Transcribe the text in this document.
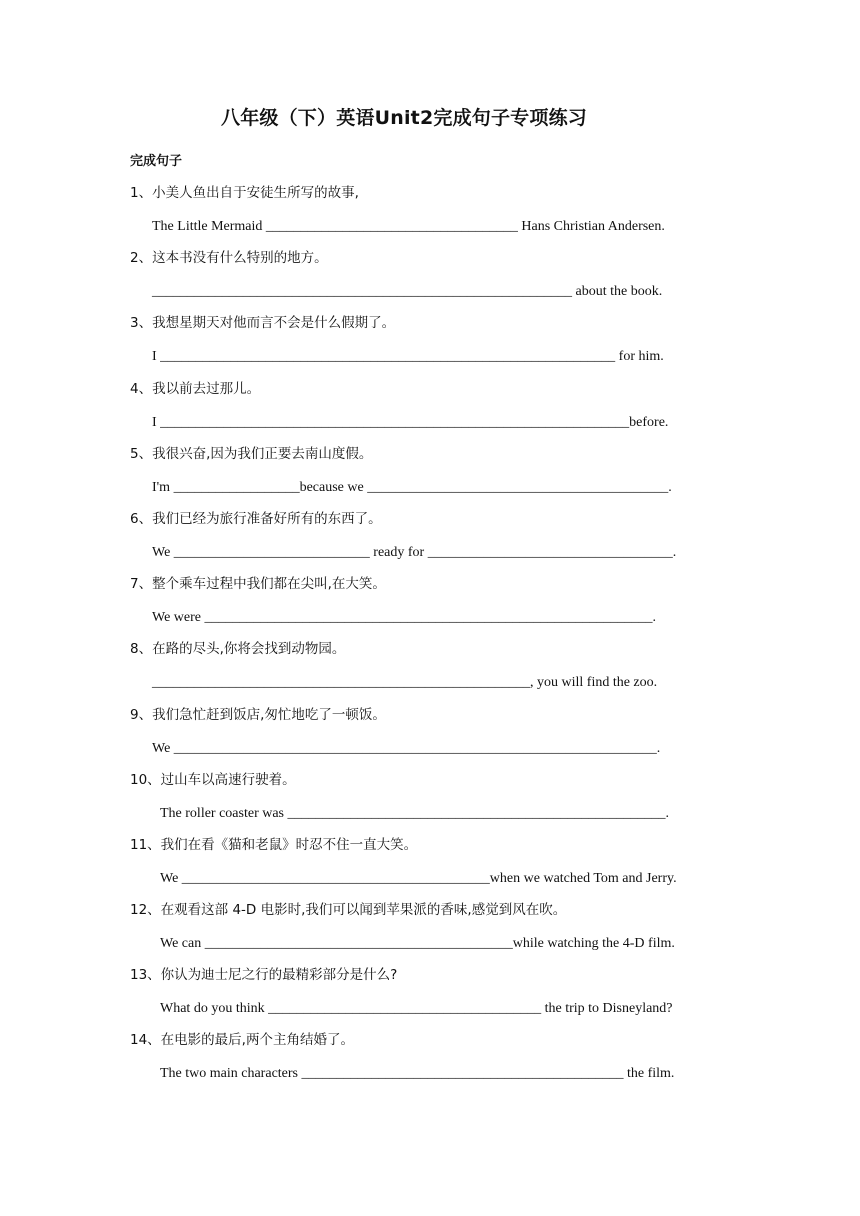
八年级（下）英语Unit2完成句子专项练习
完成句子
1、小美人鱼出自于安徒生所写的故事,
The Little Mermaid ____________________________________ Hans Christian Andersen.
2、这本书没有什么特别的地方。
____________________________________________________________ about the book.
3、我想星期天对他而言不会是什么假期了。
I _________________________________________________________________ for him.
4、我以前去过那儿。
I ___________________________________________________________________before.
5、我很兴奋,因为我们正要去南山度假。
I'm __________________because we ___________________________________________.
6、我们已经为旅行准备好所有的东西了。
We ____________________________ ready for ___________________________________.
7、整个乘车过程中我们都在尖叫,在大笑。
We were ________________________________________________________________.
8、在路的尽头,你将会找到动物园。
______________________________________________________, you will find the zoo.
9、我们急忙赶到饭店,匆忙地吃了一顿饭。
We _____________________________________________________________________.
10、过山车以高速行驶着。
The roller coaster was ______________________________________________________.
11、我们在看《猫和老鼠》时忍不住一直大笑。
We ____________________________________________when we watched Tom and Jerry.
12、在观看这部 4-D 电影时,我们可以闻到苹果派的香味,感觉到风在吹。
We can ____________________________________________while watching the 4-D film.
13、你认为迪士尼之行的最精彩部分是什么?
What do you think _______________________________________ the trip to Disneyland?
14、在电影的最后,两个主角结婚了。
The two main characters ______________________________________________ the film.
